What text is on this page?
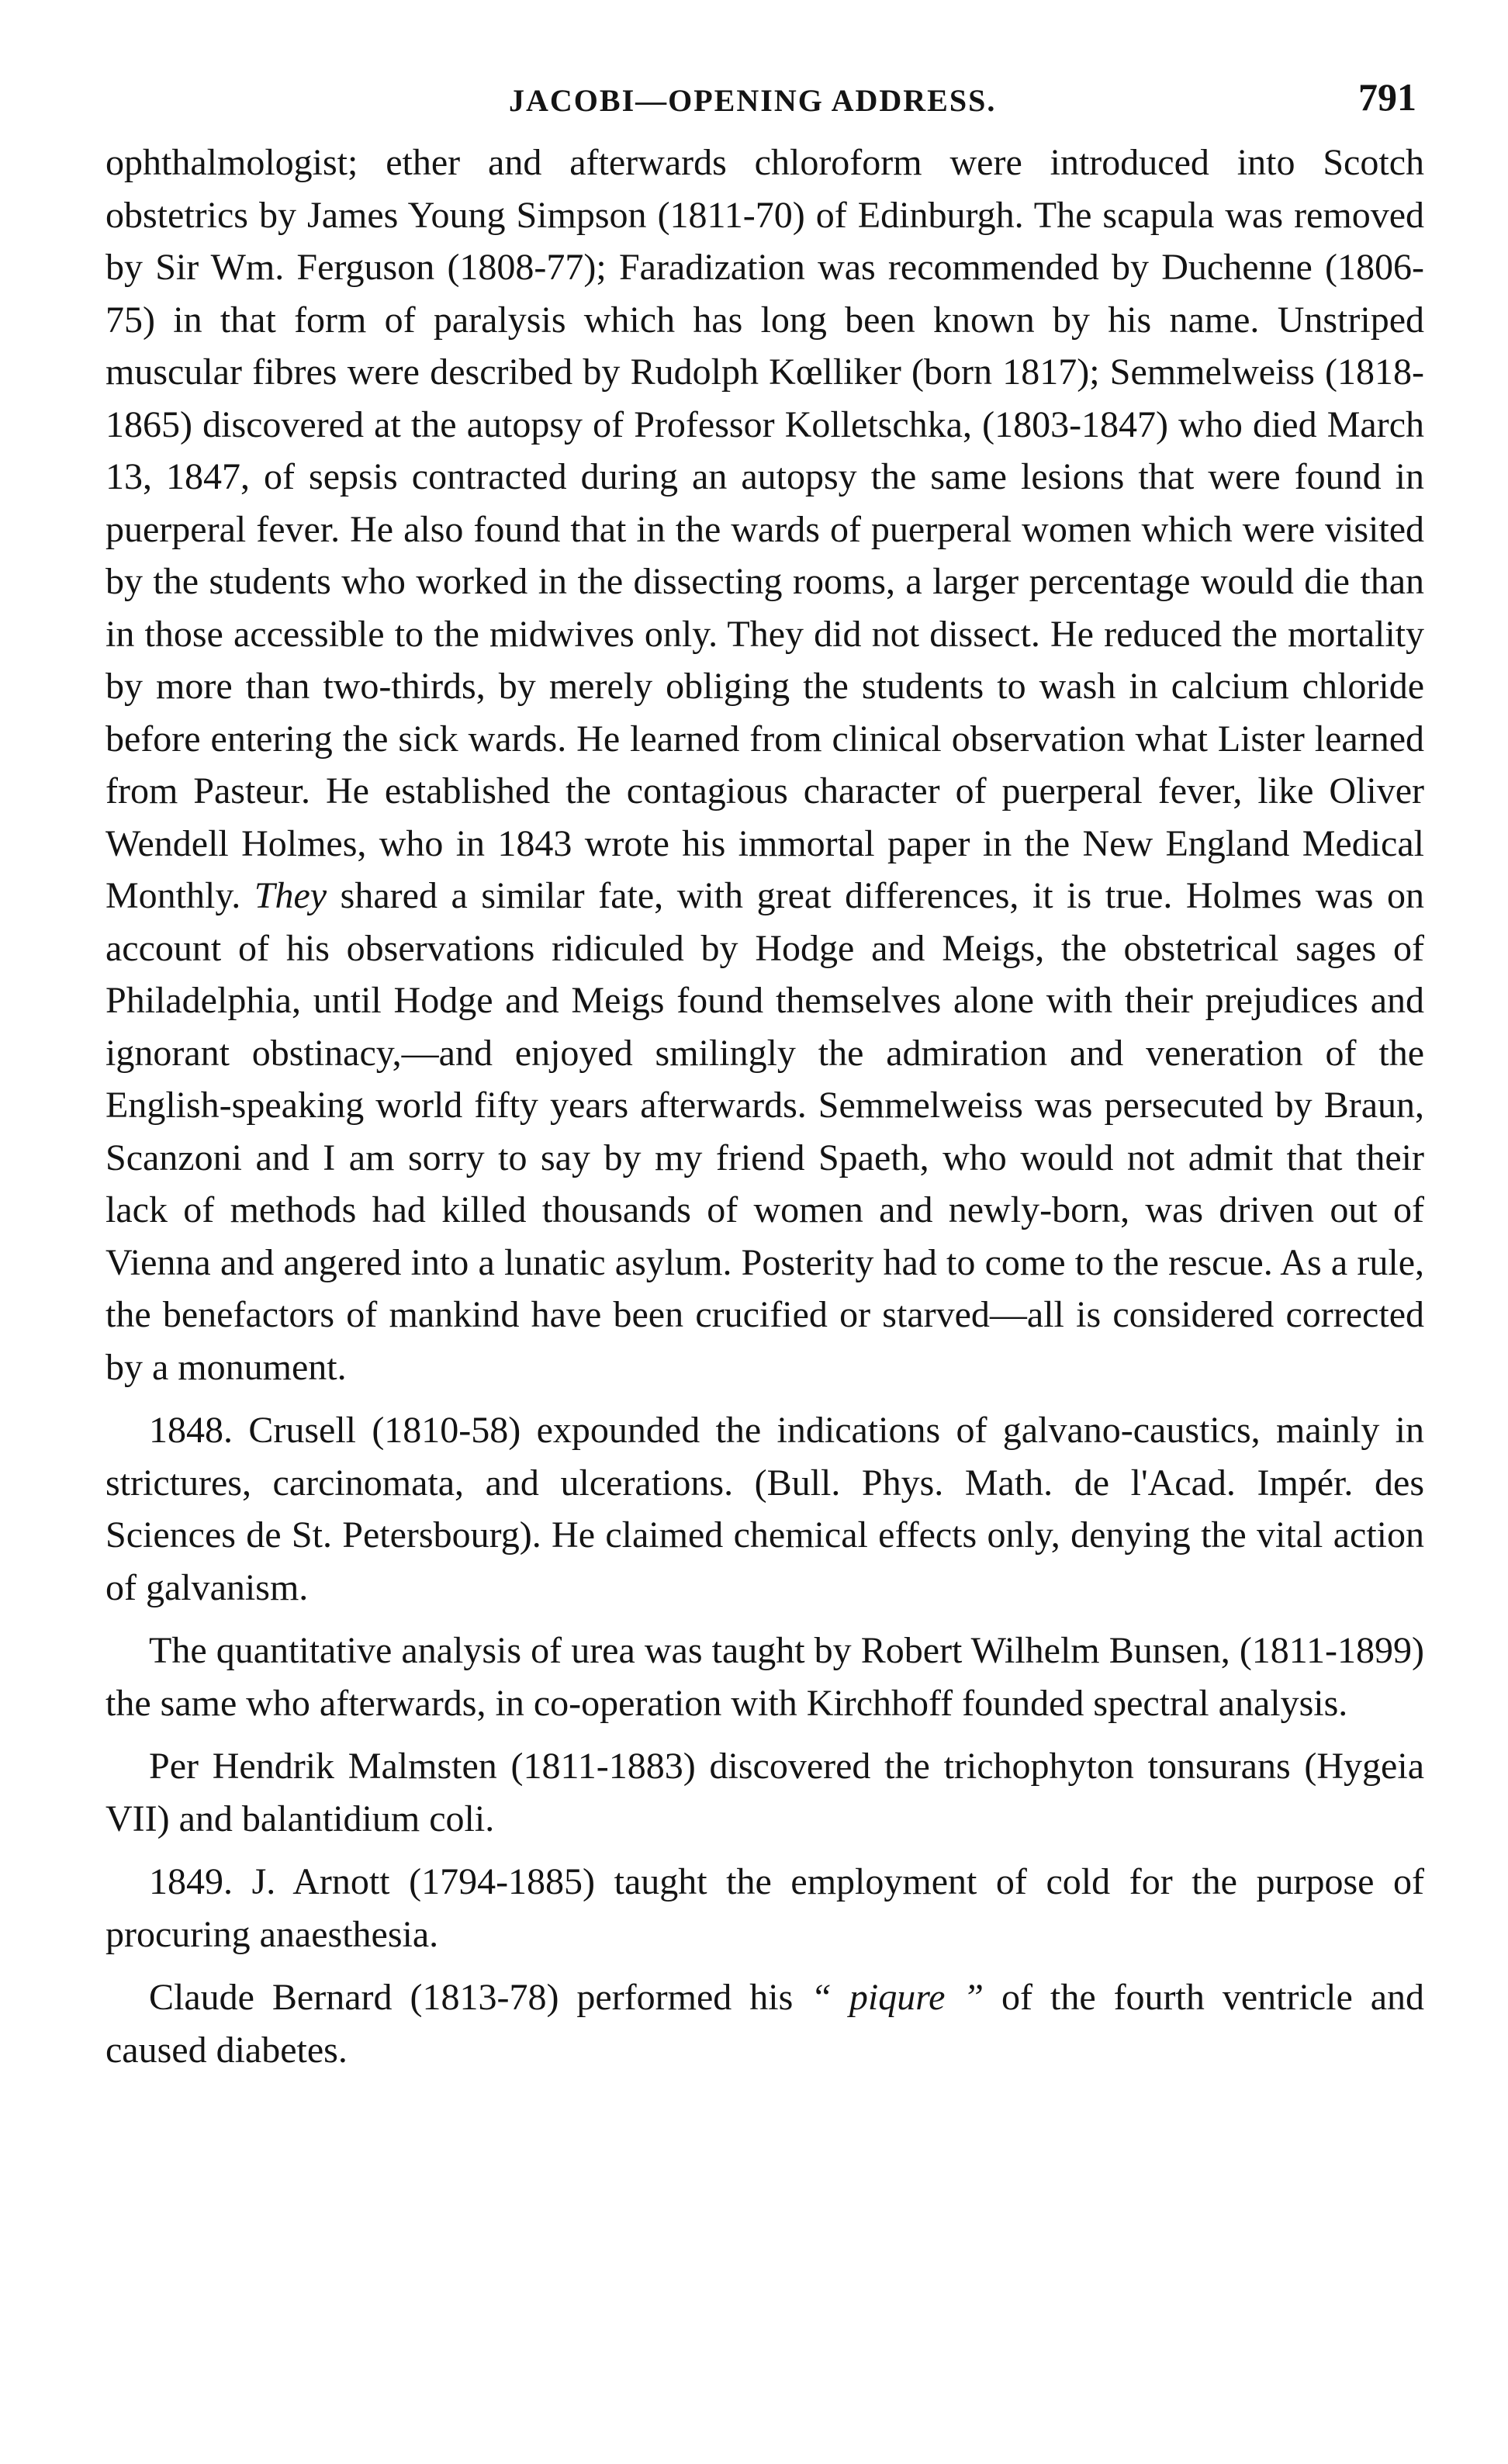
JACOBI—OPENING ADDRESS.	791

ophthalmologist; ether and afterwards chloroform were introduced into Scotch obstetrics by James Young Simpson (1811-70) of Edinburgh. The scapula was removed by Sir Wm. Ferguson (1808-77); Faradization was recommended by Duchenne (1806-75) in that form of paralysis which has long been known by his name. Unstriped muscular fibres were described by Rudolph Kœlliker (born 1817); Semmelweiss (1818-1865) discovered at the autopsy of Professor Kolletschka, (1803-1847) who died March 13, 1847, of sepsis contracted during an autopsy the same lesions that were found in puerperal fever. He also found that in the wards of puerperal women which were visited by the students who worked in the dissecting rooms, a larger percentage would die than in those accessible to the midwives only. They did not dissect. He reduced the mortality by more than two-thirds, by merely obliging the students to wash in calcium chloride before entering the sick wards. He learned from clinical observation what Lister learned from Pasteur. He established the contagious character of puerperal fever, like Oliver Wendell Holmes, who in 1843 wrote his immortal paper in the New England Medical Monthly. They shared a similar fate, with great differences, it is true. Holmes was on account of his observations ridiculed by Hodge and Meigs, the obstetrical sages of Philadelphia, until Hodge and Meigs found themselves alone with their prejudices and ignorant obstinacy,—and enjoyed smilingly the admiration and veneration of the English-speaking world fifty years afterwards. Semmelweiss was persecuted by Braun, Scanzoni and I am sorry to say by my friend Spaeth, who would not admit that their lack of methods had killed thousands of women and newly-born, was driven out of Vienna and angered into a lunatic asylum. Posterity had to come to the rescue. As a rule, the benefactors of mankind have been crucified or starved—all is considered corrected by a monument.

1848. Crusell (1810-58) expounded the indications of galvano-caustics, mainly in strictures, carcinomata, and ulcerations. (Bull. Phys. Math. de l'Acad. Impér. des Sciences de St. Petersbourg). He claimed chemical effects only, denying the vital action of galvanism.

The quantitative analysis of urea was taught by Robert Wilhelm Bunsen, (1811-1899) the same who afterwards, in co-operation with Kirchhoff founded spectral analysis.

Per Hendrik Malmsten (1811-1883) discovered the trichophyton tonsurans (Hygeia VII) and balantidium coli.

1849. J. Arnott (1794-1885) taught the employment of cold for the purpose of procuring anaesthesia.

Claude Bernard (1813-78) performed his “ piqure ” of the fourth ventricle and caused diabetes.
